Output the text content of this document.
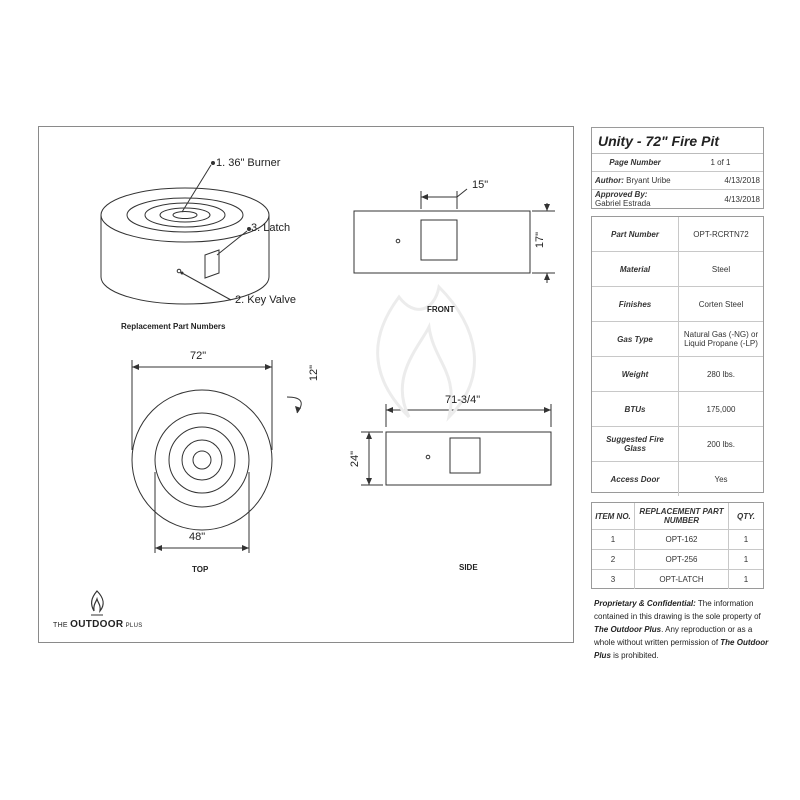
1. 36" Burner
3. Latch
2. Key Valve
Replacement Part Numbers
FRONT
TOP	SIDE
15"
17"
72"
12"
48"
71-3/4"
24"
THE OUTDOOR PLUS
Unity - 72" Fire Pit
Page Number	1 of 1
Author: Bryant Uribe	4/13/2018
Approved By: Gabriel Estrada	4/13/2018
Part Number	OPT-RCRTN72
Material	Steel
Finishes	Corten Steel
Gas Type	Natural Gas (-NG) or Liquid Propane (-LP)
Weight	280 lbs.
BTUs	175,000
Suggested Fire Glass	200 lbs.
Access Door	Yes
ITEM NO.	REPLACEMENT PART NUMBER	QTY.
1	OPT-162	1
2	OPT-256	1
3	OPT-LATCH	1
Proprietary & Confidential: The information contained in this drawing is the sole property of The Outdoor Plus. Any reproduction or as a whole without written permission of The Outdoor Plus is prohibited.
